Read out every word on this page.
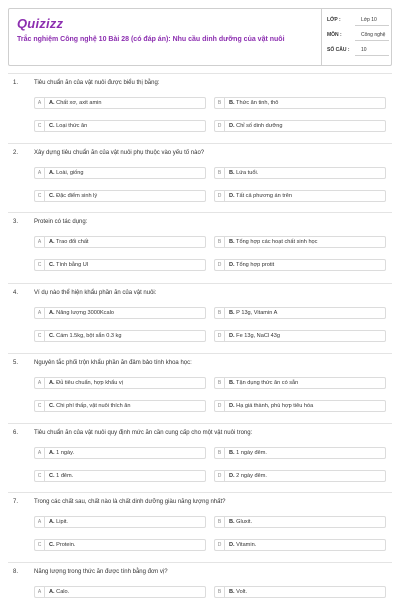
Quizizz
Trắc nghiệm Công nghệ 10 Bài 28 (có đáp án): Nhu cầu dinh dưỡng của vật nuôi
LỚP :	Lớp 10
MÔN :	Công nghệ
SỐ CÂU : 10
1.	Tiêu chuẩn ăn của vật nuôi được biểu thị bằng:
A	A. Chất xơ, axit amin	B	B. Thức ăn tinh, thô
C	C. Loại thức ăn	D	D. Chỉ số dinh dưỡng
2.	Xây dựng tiêu chuẩn ăn của vật nuôi phụ thuộc vào yếu tố nào?
A	A. Loài, giống	B	B. Lứa tuổi.
C	C. Đặc điểm sinh lý	D	D. Tất cả phương án trên
3.	Protein có tác dụng:
A	A. Trao đổi chất	B	B. Tổng hợp các hoạt chất sinh học
C	C. Tính bằng UI	D	D. Tổng hợp protit
4.	Ví dụ nào thể hiện khẩu phần ăn của vật nuôi:
A	A. Năng lượng 3000Kcalo	B	B. P 13g, Vitamin A
C	C. Cám 1.5kg, bột sắn 0.3 kg	D	D. Fe 13g, NaCl 43g
5.	Nguyên tắc phối trộn khẩu phần ăn đảm bảo tính khoa học:
A	A. Đủ tiêu chuẩn, hợp khẩu vị	B	B. Tận dụng thức ăn có sẵn
C	C. Chi phí thấp, vật nuôi thích ăn	D	D. Hạ giá thành, phù hợp tiêu hóa
6.	Tiêu chuẩn ăn của vật nuôi quy định mức ăn cần cung cấp cho một vật nuôi trong:
A	A. 1 ngày.	B	B. 1 ngày đêm.
C	C. 1 đêm.	D	D. 2 ngày đêm.
7.	Trong các chất sau, chất nào là chất dinh dưỡng giàu năng lượng nhất?
A	A. Lipit.	B	B. Gluxit.
C	C. Protein.	D	D. Vitamin.
8.	Năng lượng trong thức ăn được tính bằng đơn vị?
A	A. Calo.	B	B. Volt.
